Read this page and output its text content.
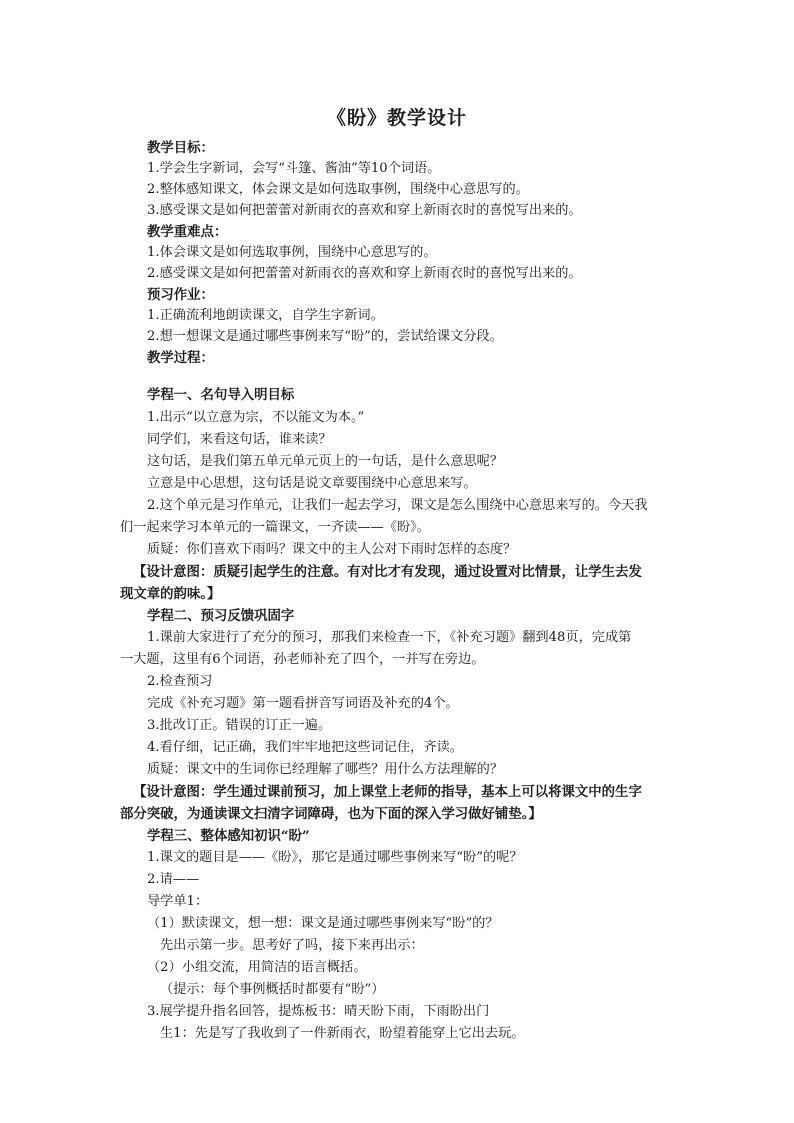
《盼》教学设计
教学目标：
1.学会生字新词，会写“斗篷、酱油”等10个词语。
2.整体感知课文，体会课文是如何选取事例，围绕中心意思写的。
3.感受课文是如何把蕾蕾对新雨衣的喜欢和穿上新雨衣时的喜悦写出来的。
教学重难点：
1.体会课文是如何选取事例，围绕中心意思写的。
2.感受课文是如何把蕾蕾对新雨衣的喜欢和穿上新雨衣时的喜悦写出来的。
预习作业：
1.正确流利地朗读课文，自学生字新词。
2.想一想课文是通过哪些事例来写“盼”的，尝试给课文分段。
教学过程：
学程一、名句导入明目标
1.出示“以立意为宗，不以能文为本。”
同学们，来看这句话，谁来读？
这句话，是我们第五单元单元页上的一句话，是什么意思呢？
立意是中心思想，这句话是说文章要围绕中心意思来写。
2.这个单元是习作单元，让我们一起去学习，课文是怎么围绕中心意思来写的。今天我
们一起来学习本单元的一篇课文，一齐读——《盼》。
质疑：你们喜欢下雨吗？课文中的主人公对下雨时怎样的态度？
【设计意图：质疑引起学生的注意。有对比才有发现，通过设置对比情景，让学生去发
现文章的韵味。】
学程二、预习反馈巩固字
1.课前大家进行了充分的预习，那我们来检查一下，《补充习题》翻到48页，完成第
一大题，这里有6个词语，孙老师补充了四个，一并写在旁边。
2.检查预习
完成《补充习题》第一题看拼音写词语及补充的4个。
3.批改订正。错误的订正一遍。
4.看仔细，记正确，我们牢牢地把这些词记住，齐读。
质疑：课文中的生词你已经理解了哪些？用什么方法理解的？
【设计意图：学生通过课前预习，加上课堂上老师的指导，基本上可以将课文中的生字
部分突破，为通读课文扫清字词障碍，也为下面的深入学习做好铺垫。】
学程三、整体感知初识“盼”
1.课文的题目是——《盼》，那它是通过哪些事例来写“盼”的呢？
2.请——
导学单1：
（1）默读课文，想一想：课文是通过哪些事例来写“盼”的？
先出示第一步。思考好了吗，接下来再出示：
（2）小组交流，用简洁的语言概括。
（提示：每个事例概括时都要有“盼”）
3.展学提升指名回答，提炼板书：晴天盼下雨，下雨盼出门
生1：先是写了我收到了一件新雨衣，盼望着能穿上它出去玩。
